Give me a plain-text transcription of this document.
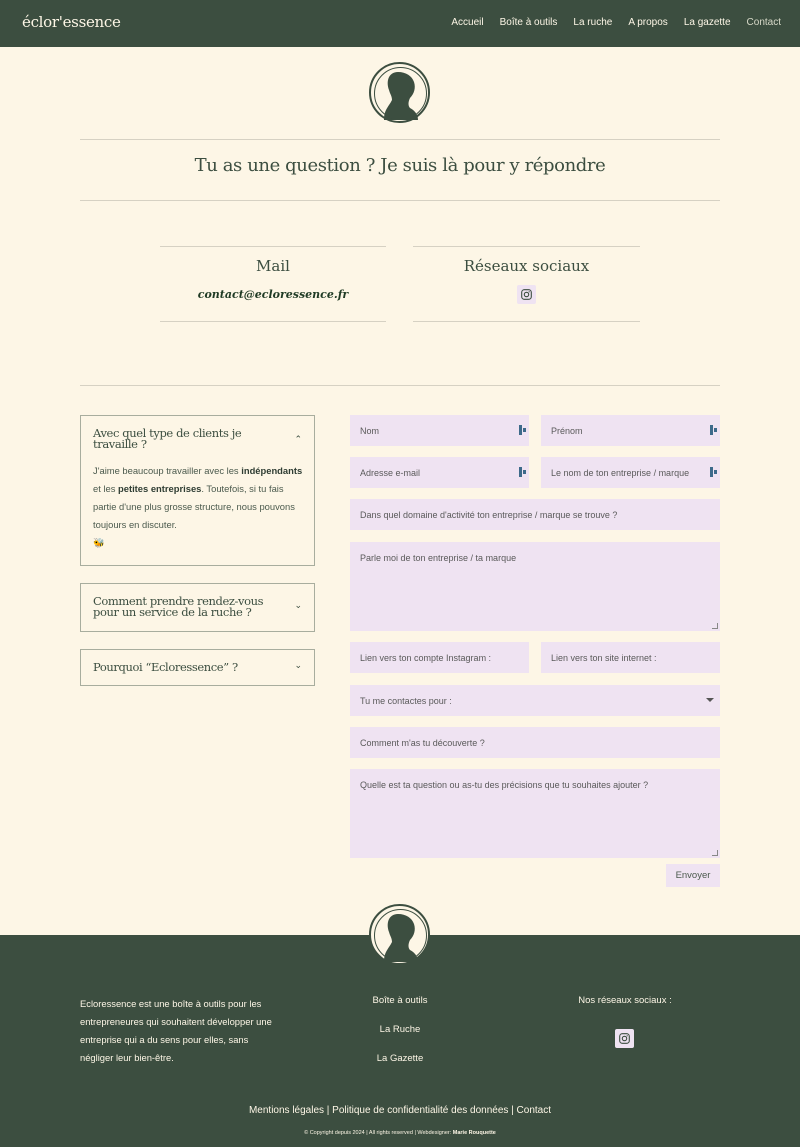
éclor'essence	Accueil Boîte à outils La ruche A propos La gazette Contact
Tu as une question ? Je suis là pour y répondre
Mail
contact@ecloressence.fr
Réseaux sociaux
Avec quel type de clients je
travaille ?	⌃
J'aime beaucoup travailler avec les indépendants et les petites entreprises. Toutefois, si tu fais partie d'une plus grosse structure, nous pouvons toujours en discuter.
🐝
Comment prendre rendez-vous
pour un service de la ruche ?	⌄
Pourquoi “Ecloressence” ?	⌄
Nom	Prénom
Adresse e-mail	Le nom de ton entreprise / marque
Dans quel domaine d'activité ton entreprise / marque se trouve ?
Parle moi de ton entreprise / ta marque
Lien vers ton compte Instagram :	Lien vers ton site internet :
Tu me contactes pour :
Comment m'as tu découverte ?
Quelle est ta question ou as-tu des précisions que tu souhaites ajouter ?
Envoyer
Ecloressence est une boîte à outils pour les entrepreneures qui souhaitent développer une entreprise qui a du sens pour elles, sans négliger leur bien-être.
Boîte à outils
La Ruche
La Gazette
Nos réseaux sociaux :
Mentions légales | Politique de confidentialité des données | Contact
© Copyright depuis 2024 | All rights reserved | Webdesigner: Marie Rouquette
